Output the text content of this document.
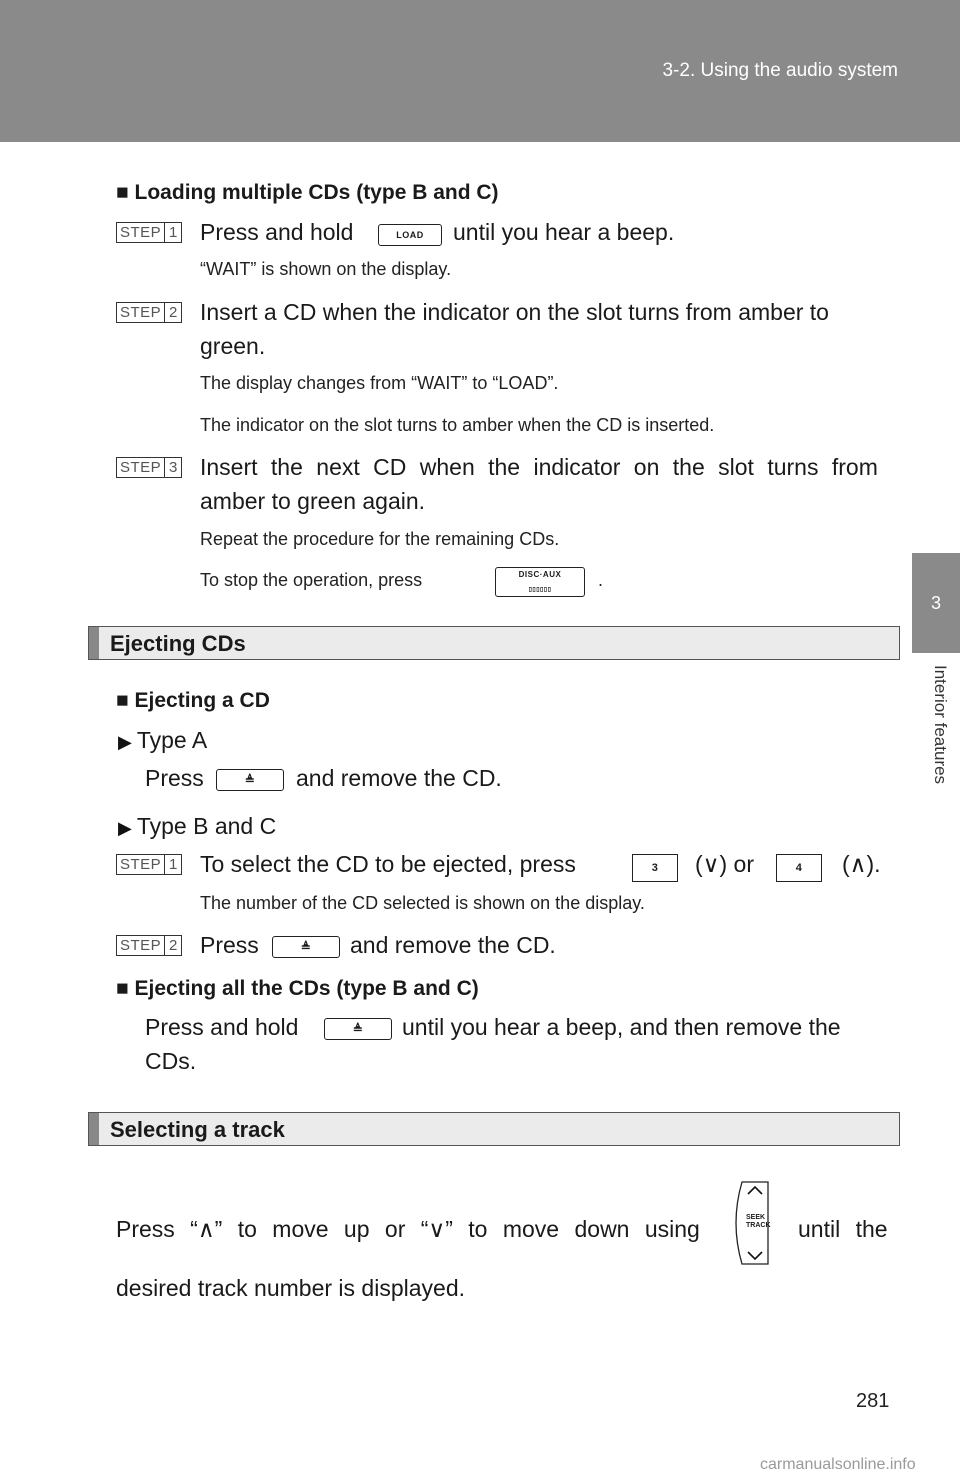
3-2. Using the audio system
3
Interior features
■ Loading multiple CDs (type B and C)
STEP 1 Press and hold	LOAD	until you hear a beep.
“WAIT” is shown on the display.
STEP 2 Insert a CD when the indicator on the slot turns from amber to
green.
The display changes from “WAIT” to “LOAD”.
The indicator on the slot turns to amber when the CD is inserted.
STEP 3 Insert the next CD when the indicator on the slot turns from
amber to green again.
Repeat the procedure for the remaining CDs.
To stop the operation, press	DISC·AUX
▯▯▯▯▯▯	.
Ejecting CDs
■ Ejecting a CD
▶ Type A
Press	≜	and remove the CD.
▶ Type B and C
STEP 1 To select the CD to be ejected, press	3	(∨) or	4	(∧).
The number of the CD selected is shown on the display.
STEP 2 Press	≜	and remove the CD.
■ Ejecting all the CDs (type B and C)
Press and hold	≜	until you hear a beep, and then remove the
CDs.
Selecting a track
Press “∧” to move up or “∨” to move down using	SEEK
TRACK until the
desired track number is displayed.
281
carmanualsonline.info
